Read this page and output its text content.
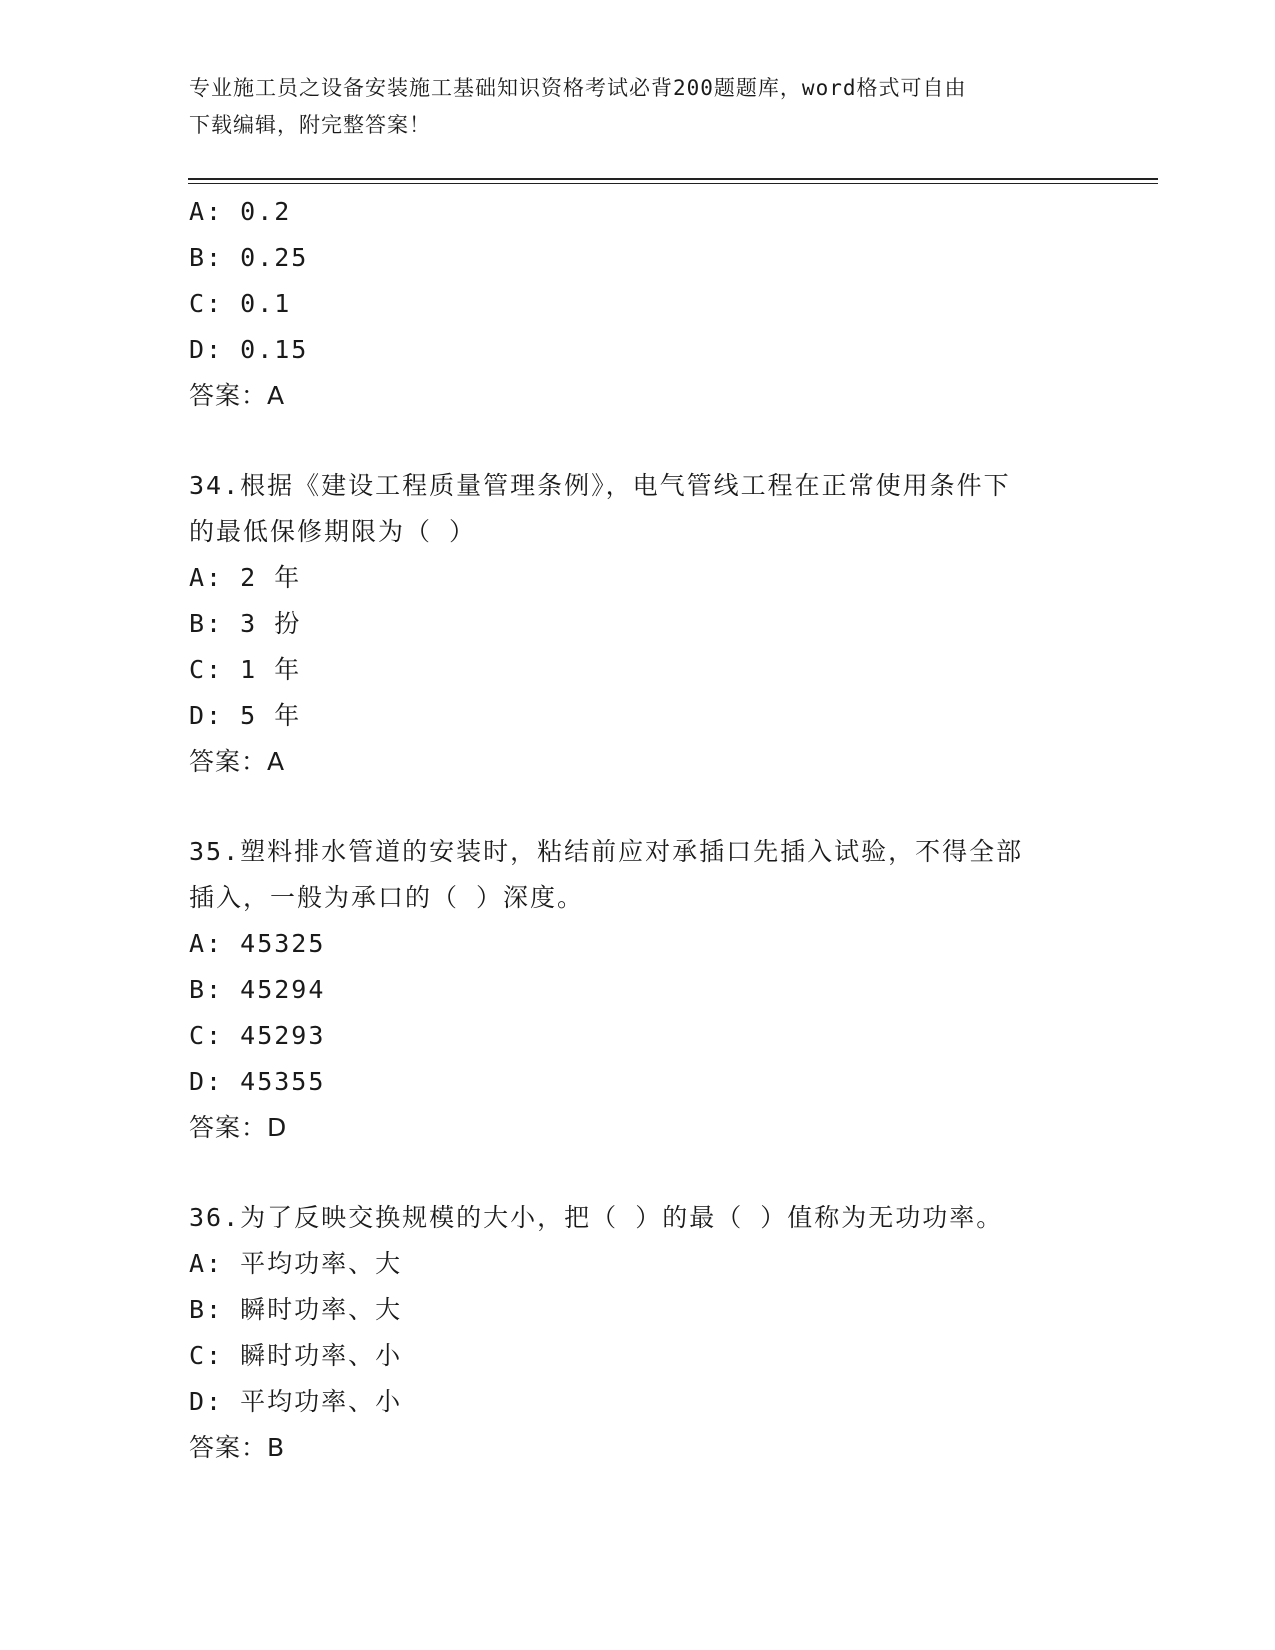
专业施工员之设备安装施工基础知识资格考试必背200题题库，word格式可自由
下载编辑，附完整答案！
A: 0.2
B: 0.25
C: 0.1
D: 0.15
答案：A
34.根据《建设工程质量管理条例》，电气管线工程在正常使用条件下
的最低保修期限为（ ）
A: 2 年
B: 3 扮
C: 1 年
D: 5 年
答案：A
35.塑料排水管道的安装时，粘结前应对承插口先插入试验，不得全部
插入，一般为承口的（ ）深度。
A: 45325
B: 45294
C: 45293
D: 45355
答案：D
36.为了反映交换规模的大小，把（ ）的最（ ）值称为无功功率。
A: 平均功率、大
B: 瞬时功率、大
C: 瞬时功率、小
D: 平均功率、小
答案：B
